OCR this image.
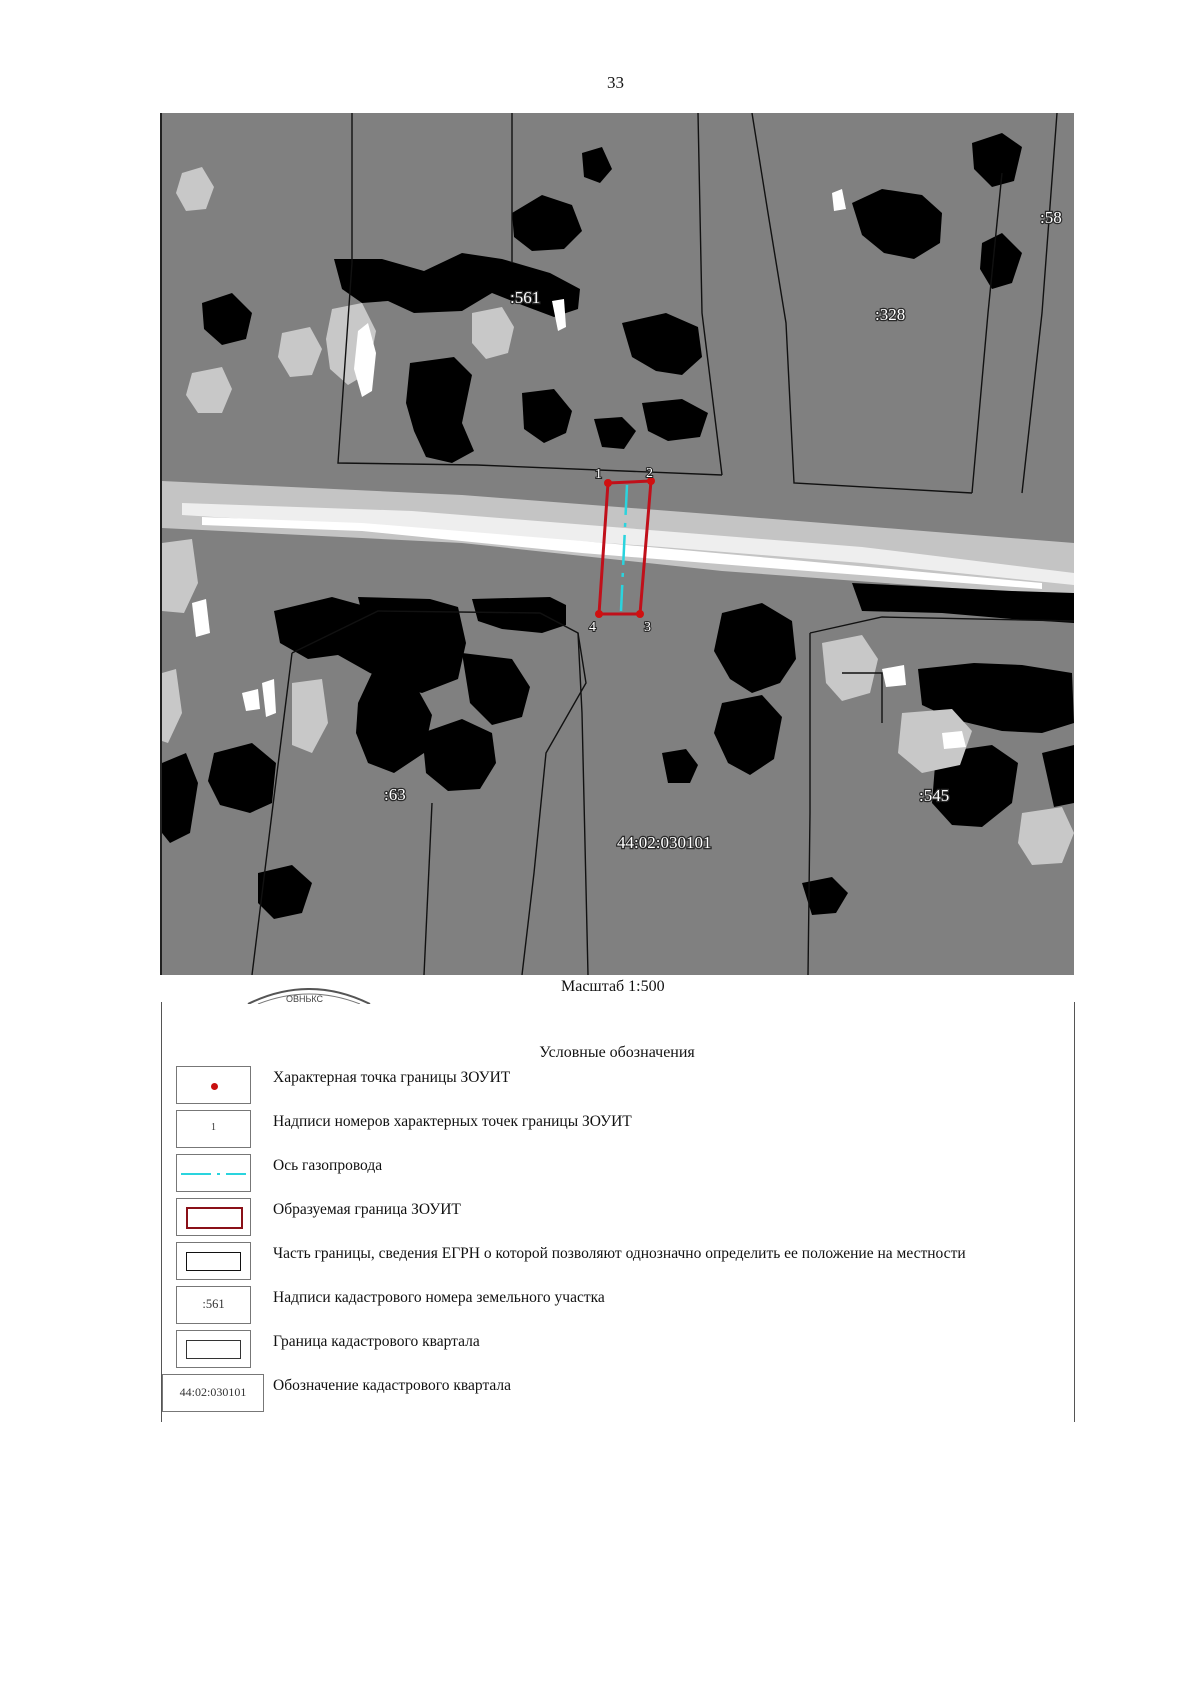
33
1	2
3
4
:561
:328
:58
:63	:545
44:02:030101
Масштаб 1:500
ОВНЬКС
Условные обозначения
Характерная точка границы ЗОУИТ
1	Надписи номеров характерных точек границы ЗОУИТ
Ось газопровода
Образуемая граница ЗОУИТ
Часть границы, сведения ЕГРН о которой позволяют однозначно определить ее положение на местности
:561	Надписи кадастрового номера земельного участка
Граница кадастрового квартала
44:02:030101	Обозначение кадастрового квартала
